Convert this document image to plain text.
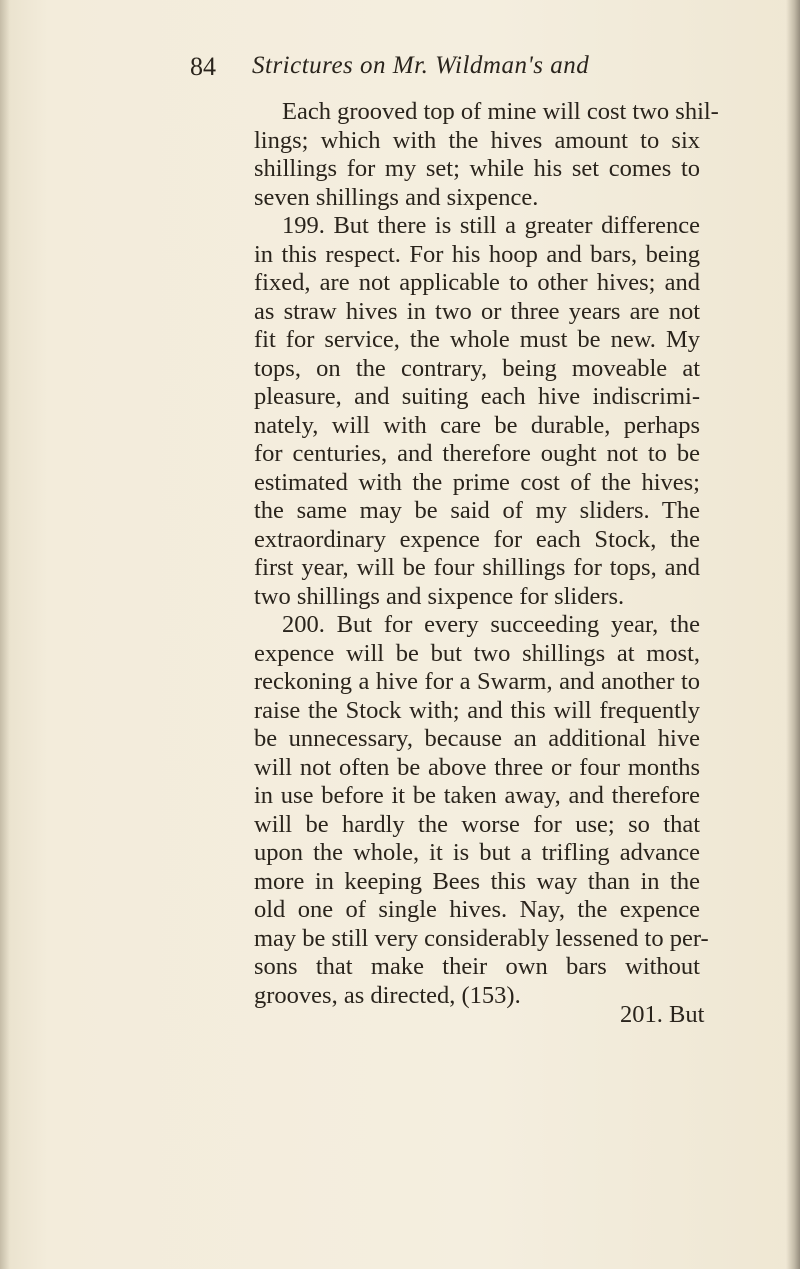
84 Strictures on Mr. Wildman's and
Each grooved top of mine will cost two shil-
lings; which with the hives amount to six
shillings for my set; while his set comes to
seven shillings and sixpence.
199. But there is still a greater difference
in this respect. For his hoop and bars, being
fixed, are not applicable to other hives; and
as straw hives in two or three years are not
fit for service, the whole must be new. My
tops, on the contrary, being moveable at
pleasure, and suiting each hive indiscrimi-
nately, will with care be durable, perhaps
for centuries, and therefore ought not to be
estimated with the prime cost of the hives;
the same may be said of my sliders. The
extraordinary expence for each Stock, the
first year, will be four shillings for tops, and
two shillings and sixpence for sliders.
200. But for every succeeding year, the
expence will be but two shillings at most,
reckoning a hive for a Swarm, and another to
raise the Stock with; and this will frequently
be unnecessary, because an additional hive
will not often be above three or four months
in use before it be taken away, and therefore
will be hardly the worse for use; so that
upon the whole, it is but a trifling advance
more in keeping Bees this way than in the
old one of single hives. Nay, the expence
may be still very considerably lessened to per-
sons that make their own bars without
grooves, as directed, (153).
201. But
